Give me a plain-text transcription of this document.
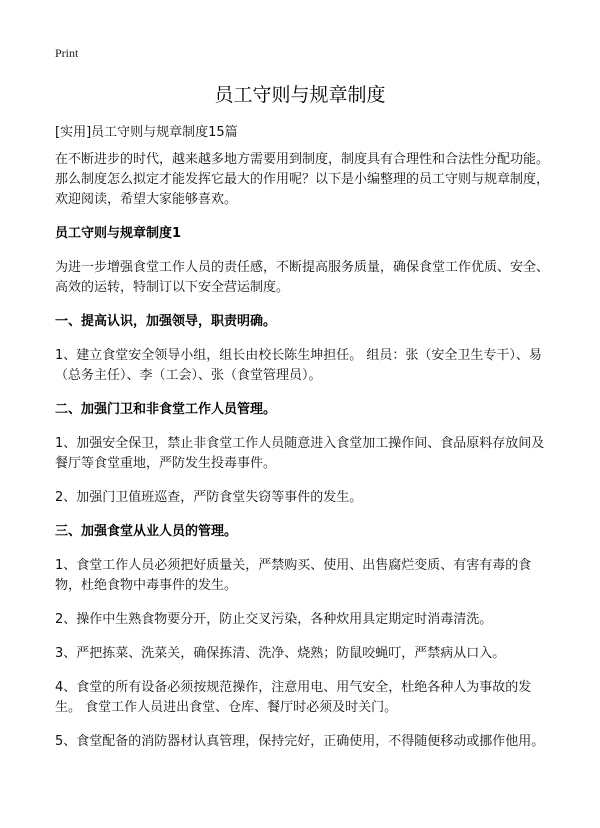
Print
员工守则与规章制度
[实用]员工守则与规章制度15篇

在不断进步的时代，越来越多地方需要用到制度，制度具有合理性和合法性分配功能。那么制度怎么拟定才能发挥它最大的作用呢？以下是小编整理的员工守则与规章制度，欢迎阅读，希望大家能够喜欢。

员工守则与规章制度1

为进一步增强食堂工作人员的责任感，不断提高服务质量，确保食堂工作优质、安全、高效的运转，特制订以下安全营运制度。

一、提高认识，加强领导，职责明确。

1、建立食堂安全领导小组，组长由校长陈生坤担任。 组员：张（安全卫生专干）、易（总务主任）、李（工会）、张（食堂管理员）。

二、加强门卫和非食堂工作人员管理。

1、加强安全保卫，禁止非食堂工作人员随意进入食堂加工操作间、食品原料存放间及餐厅等食堂重地，严防发生投毒事件。

2、加强门卫值班巡查，严防食堂失窃等事件的发生。

三、加强食堂从业人员的管理。

1、食堂工作人员必须把好质量关，严禁购买、使用、出售腐烂变质、有害有毒的食物，杜绝食物中毒事件的发生。

2、操作中生熟食物要分开，防止交叉污染，各种炊用具定期定时消毒清洗。

3、严把拣菜、洗菜关，确保拣清、洗净、烧熟；防鼠咬蝇叮，严禁病从口入。

4、食堂的所有设备必须按规范操作，注意用电、用气安全，杜绝各种人为事故的发生。 食堂工作人员进出食堂、仓库、餐厅时必须及时关门。

5、食堂配备的消防器材认真管理，保持完好，正确使用，不得随便移动或挪作他用。
